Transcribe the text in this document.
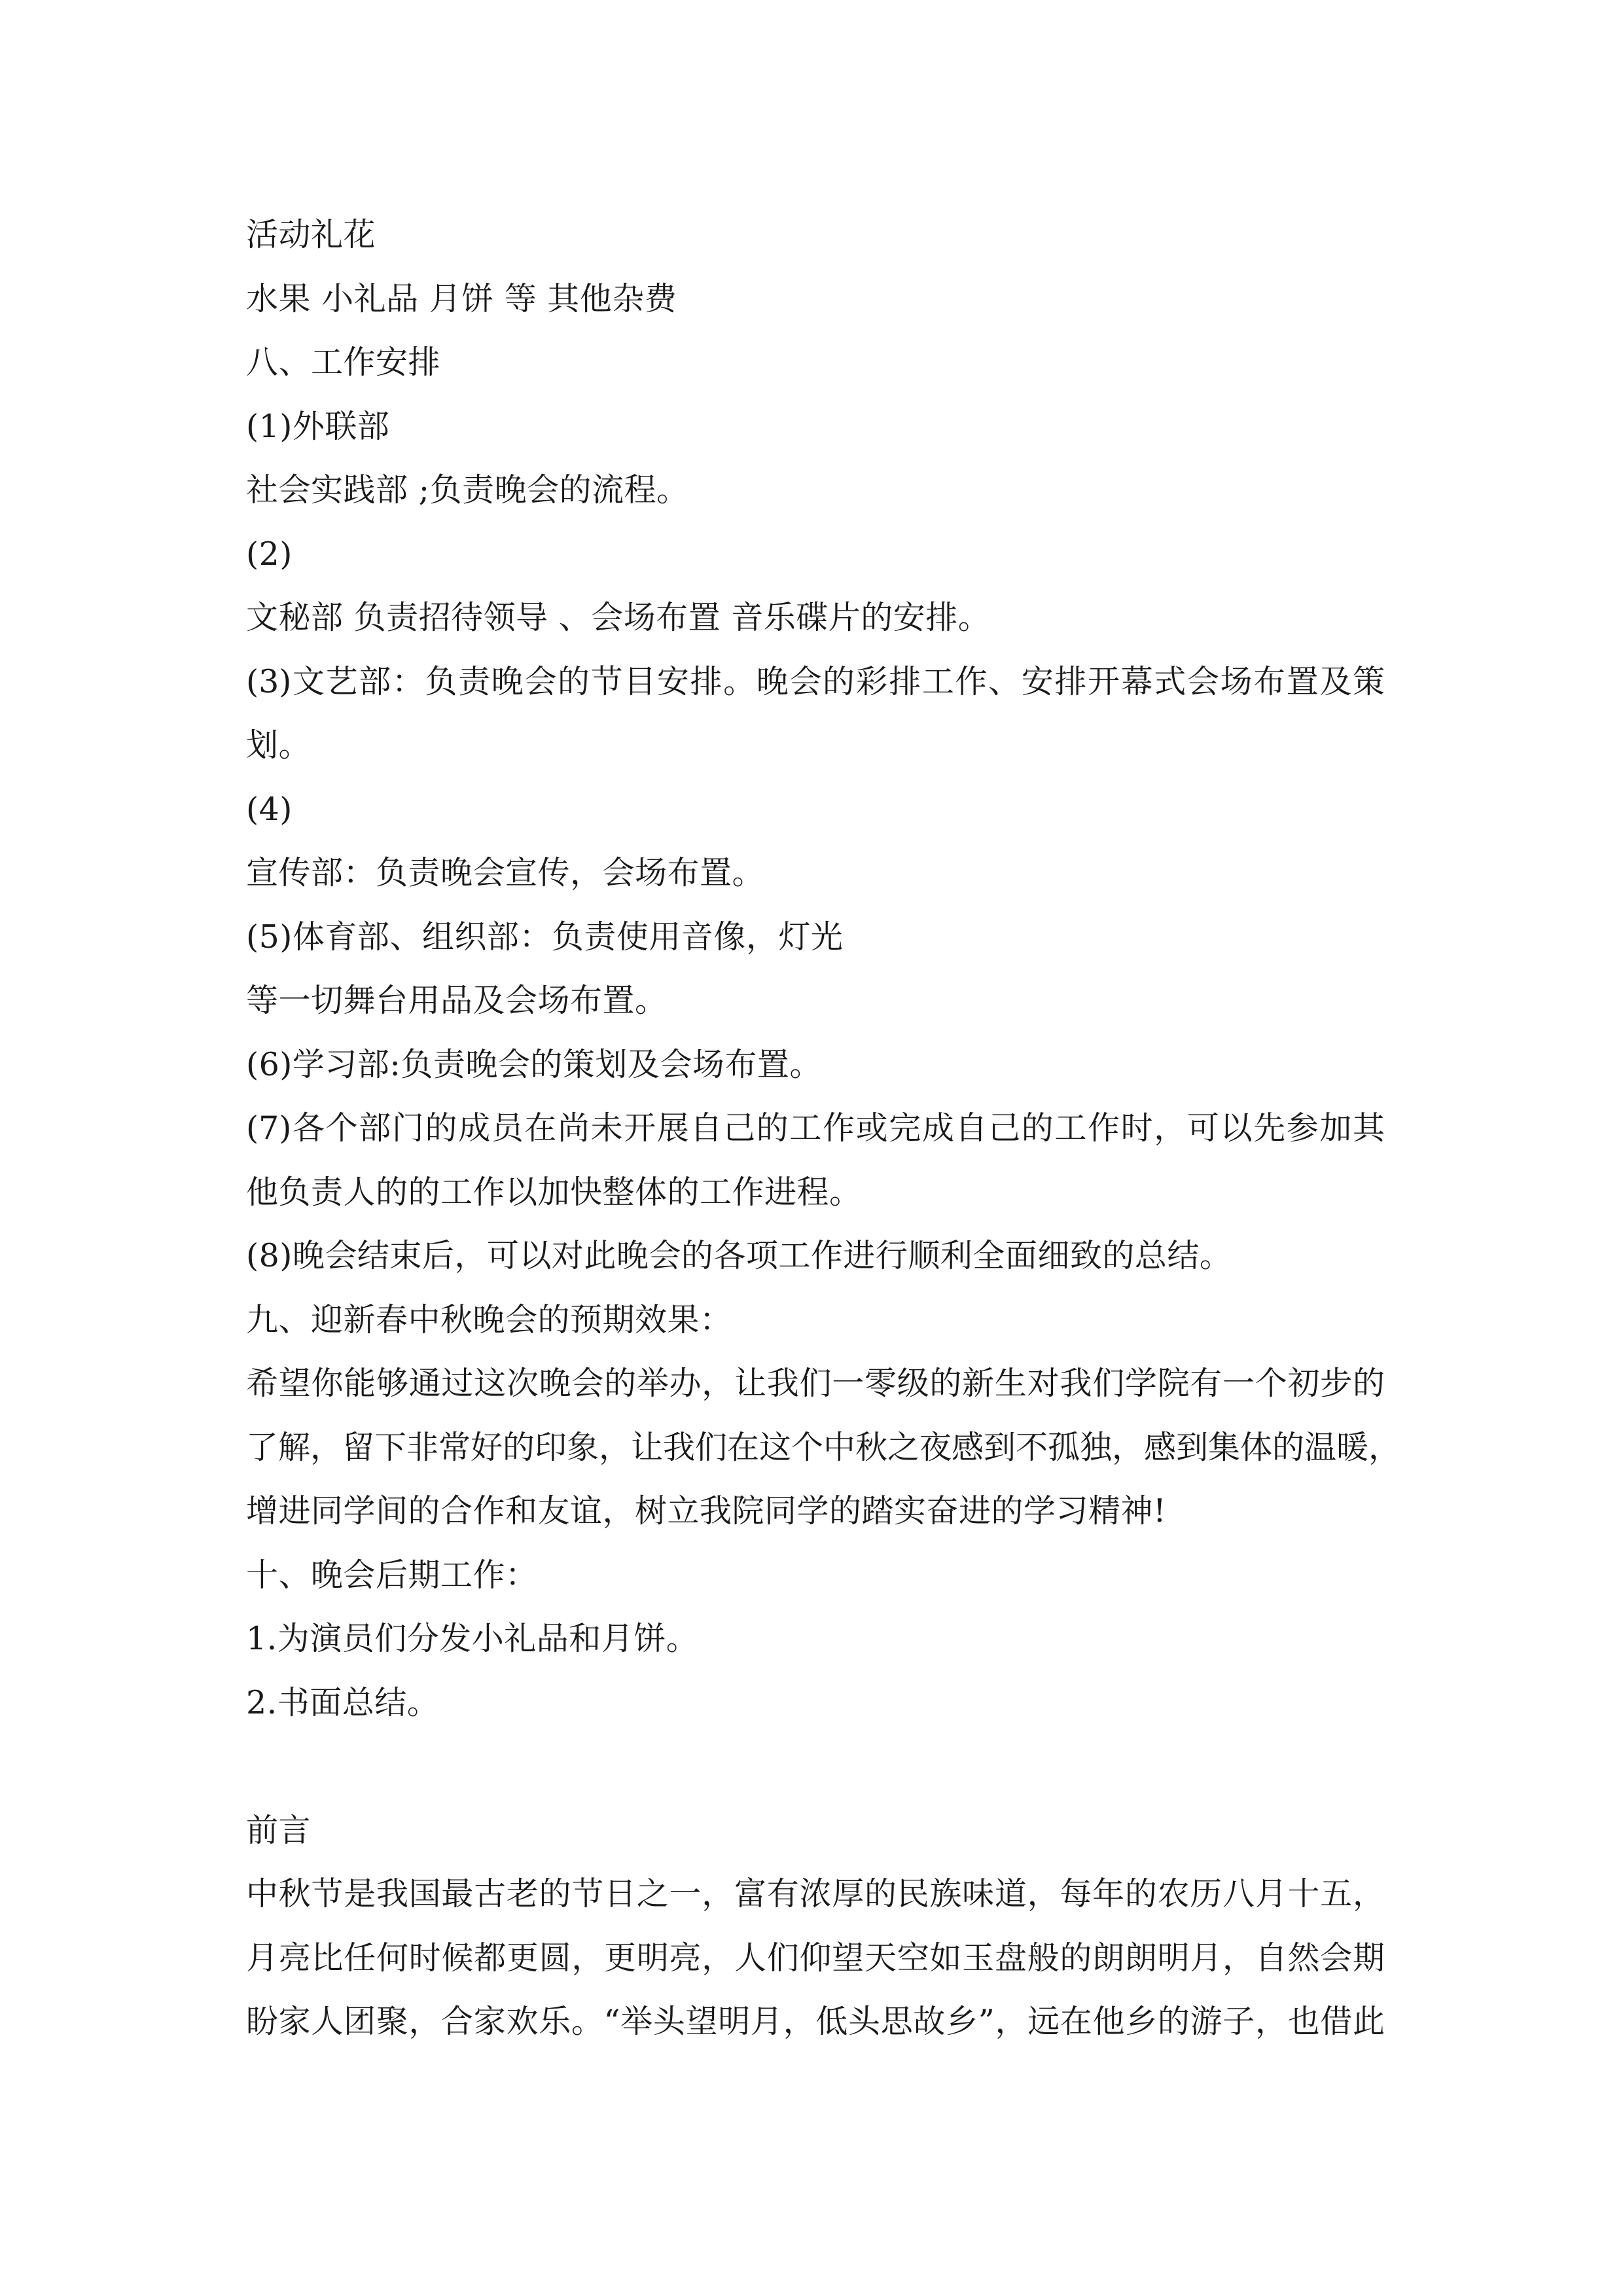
活动礼花
水果 小礼品 月饼 等 其他杂费
八、工作安排
(1)外联部
社会实践部 ;负责晚会的流程。
(2)
文秘部 负责招待领导 、会场布置 音乐碟片的安排。
(3)文艺部：负责晚会的节目安排。晚会的彩排工作、安排开幕式会场布置及策
划。
(4)
宣传部：负责晚会宣传，会场布置。
(5)体育部、组织部：负责使用音像，灯光
等一切舞台用品及会场布置。
(6)学习部:负责晚会的策划及会场布置。
(7)各个部门的成员在尚未开展自己的工作或完成自己的工作时，可以先参加其
他负责人的的工作以加快整体的工作进程。
(8)晚会结束后，可以对此晚会的各项工作进行顺利全面细致的总结。
九、迎新春中秋晚会的预期效果：
希望你能够通过这次晚会的举办，让我们一零级的新生对我们学院有一个初步的
了解，留下非常好的印象，让我们在这个中秋之夜感到不孤独，感到集体的温暖，
增进同学间的合作和友谊，树立我院同学的踏实奋进的学习精神!
十、晚会后期工作：
1.为演员们分发小礼品和月饼。
2.书面总结。
前言
中秋节是我国最古老的节日之一，富有浓厚的民族味道，每年的农历八月十五，
月亮比任何时候都更圆，更明亮，人们仰望天空如玉盘般的朗朗明月，自然会期
盼家人团聚，合家欢乐。“举头望明月，低头思故乡”，远在他乡的游子，也借此
